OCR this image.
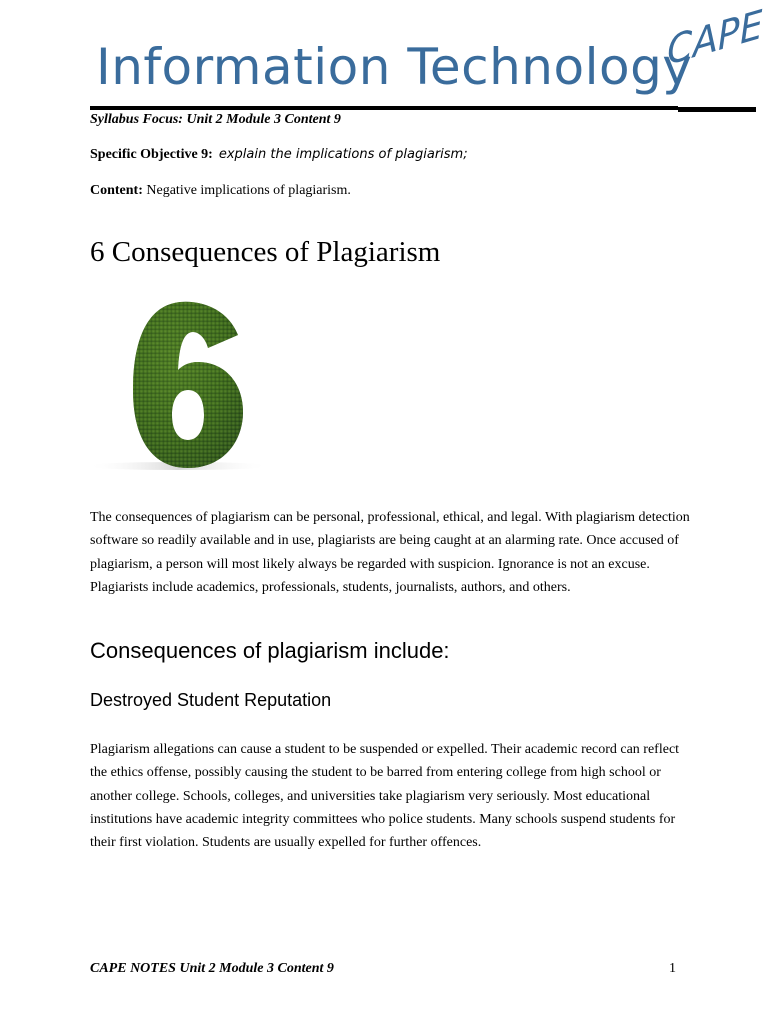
Information Technology
CAPE
Syllabus Focus: Unit 2 Module 3 Content 9
Specific Objective 9: explain the implications of plagiarism;
Content: Negative implications of plagiarism.
6 Consequences of Plagiarism

The consequences of plagiarism can be personal, professional, ethical, and legal. With plagiarism detection software so readily available and in use, plagiarists are being caught at an alarming rate. Once accused of plagiarism, a person will most likely always be regarded with suspicion. Ignorance is not an excuse. Plagiarists include academics, professionals, students, journalists, authors, and others.

Consequences of plagiarism include:
Destroyed Student Reputation

Plagiarism allegations can cause a student to be suspended or expelled. Their academic record can reflect the ethics offense, possibly causing the student to be barred from entering college from high school or another college. Schools, colleges, and universities take plagiarism very seriously. Most educational institutions have academic integrity committees who police students. Many schools suspend students for their first violation. Students are usually expelled for further offences.

CAPE NOTES Unit 2 Module 3 Content 9	1
